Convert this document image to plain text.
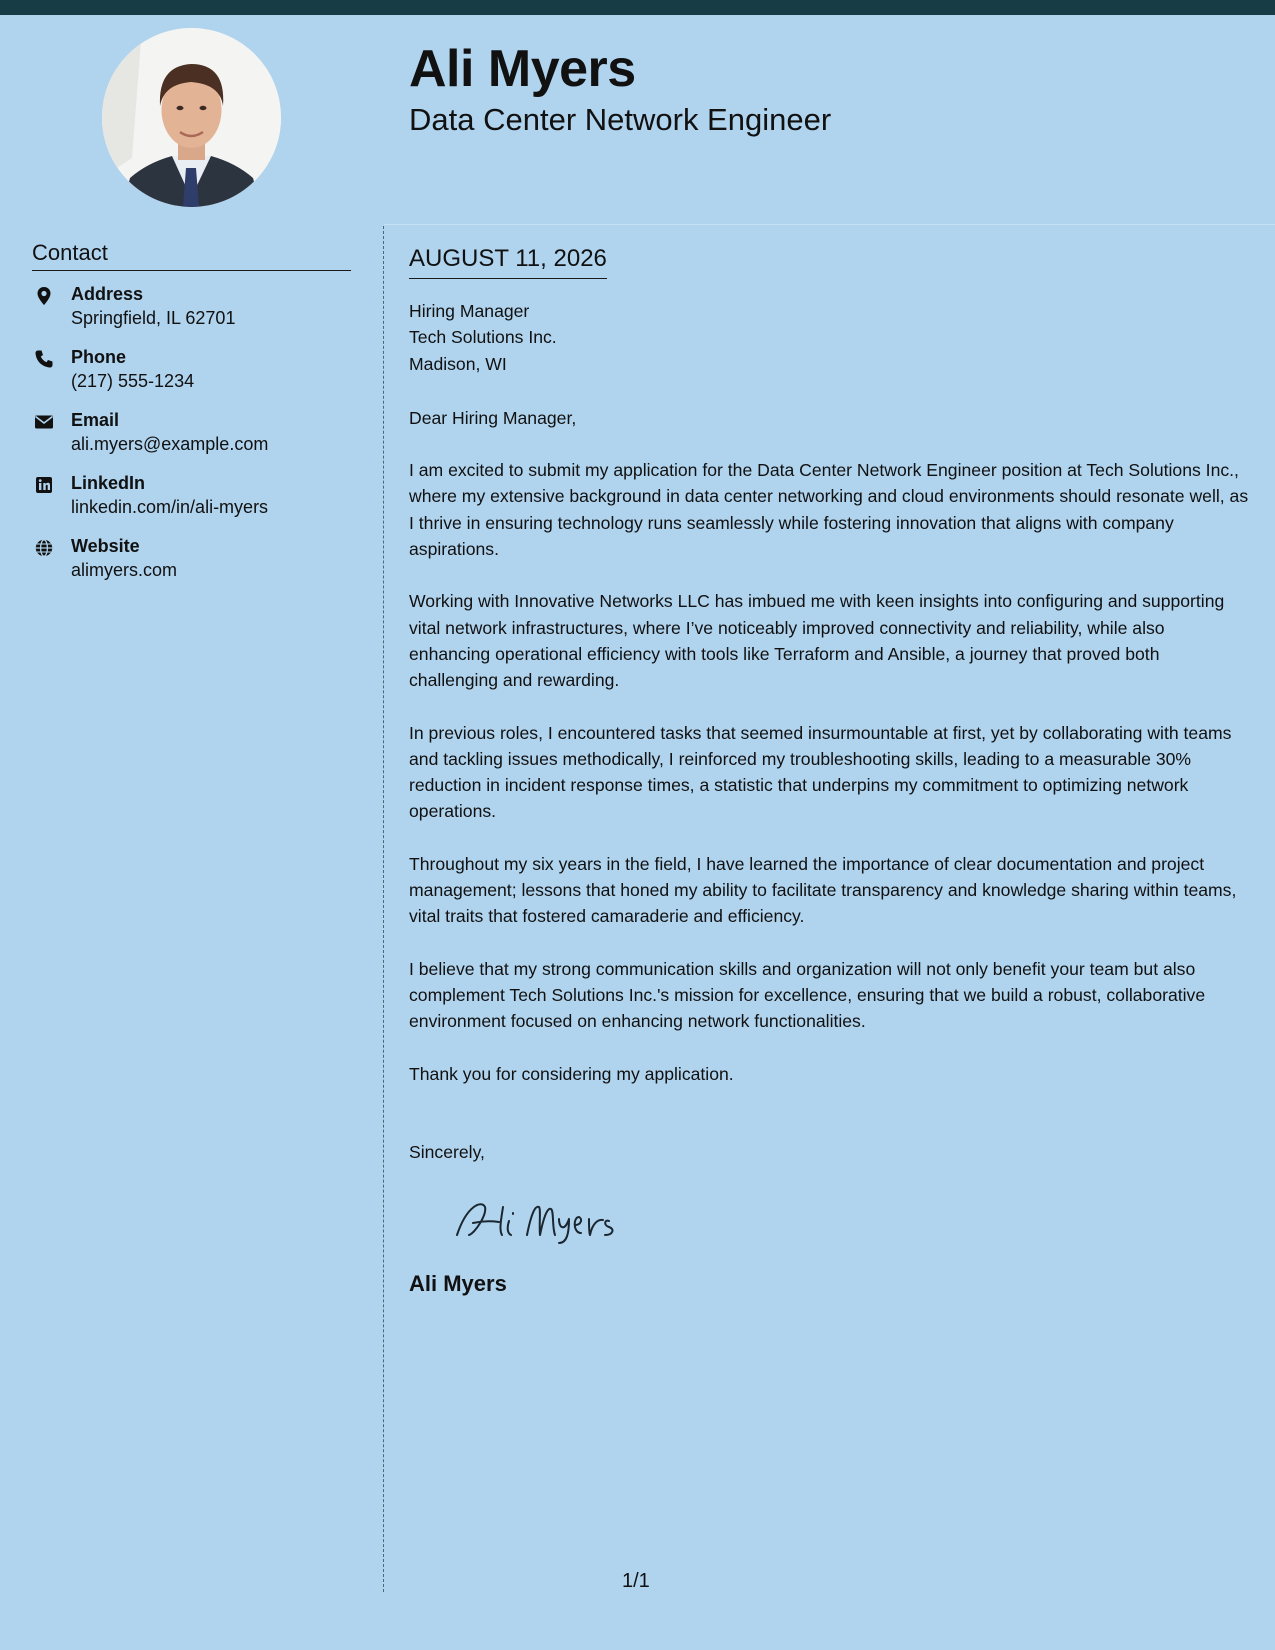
Ali Myers
Data Center Network Engineer
Contact
Address
Springfield, IL 62701
Phone
(217) 555-1234
Email
ali.myers@example.com
LinkedIn
linkedin.com/in/ali-myers
Website
alimyers.com
AUGUST 11, 2026
Hiring Manager
Tech Solutions Inc.
Madison, WI
Dear Hiring Manager,

I am excited to submit my application for the Data Center Network Engineer position at Tech Solutions Inc., where my extensive background in data center networking and cloud environments should resonate well, as I thrive in ensuring technology runs seamlessly while fostering innovation that aligns with company aspirations.

Working with Innovative Networks LLC has imbued me with keen insights into configuring and supporting vital network infrastructures, where I’ve noticeably improved connectivity and reliability, while also enhancing operational efficiency with tools like Terraform and Ansible, a journey that proved both challenging and rewarding.

In previous roles, I encountered tasks that seemed insurmountable at first, yet by collaborating with teams and tackling issues methodically, I reinforced my troubleshooting skills, leading to a measurable 30% reduction in incident response times, a statistic that underpins my commitment to optimizing network operations.

Throughout my six years in the field, I have learned the importance of clear documentation and project management; lessons that honed my ability to facilitate transparency and knowledge sharing within teams, vital traits that fostered camaraderie and efficiency.

I believe that my strong communication skills and organization will not only benefit your team but also complement Tech Solutions Inc.'s mission for excellence, ensuring that we build a robust, collaborative environment focused on enhancing network functionalities.

Thank you for considering my application.
Sincerely,
Ali Myers
1/1
